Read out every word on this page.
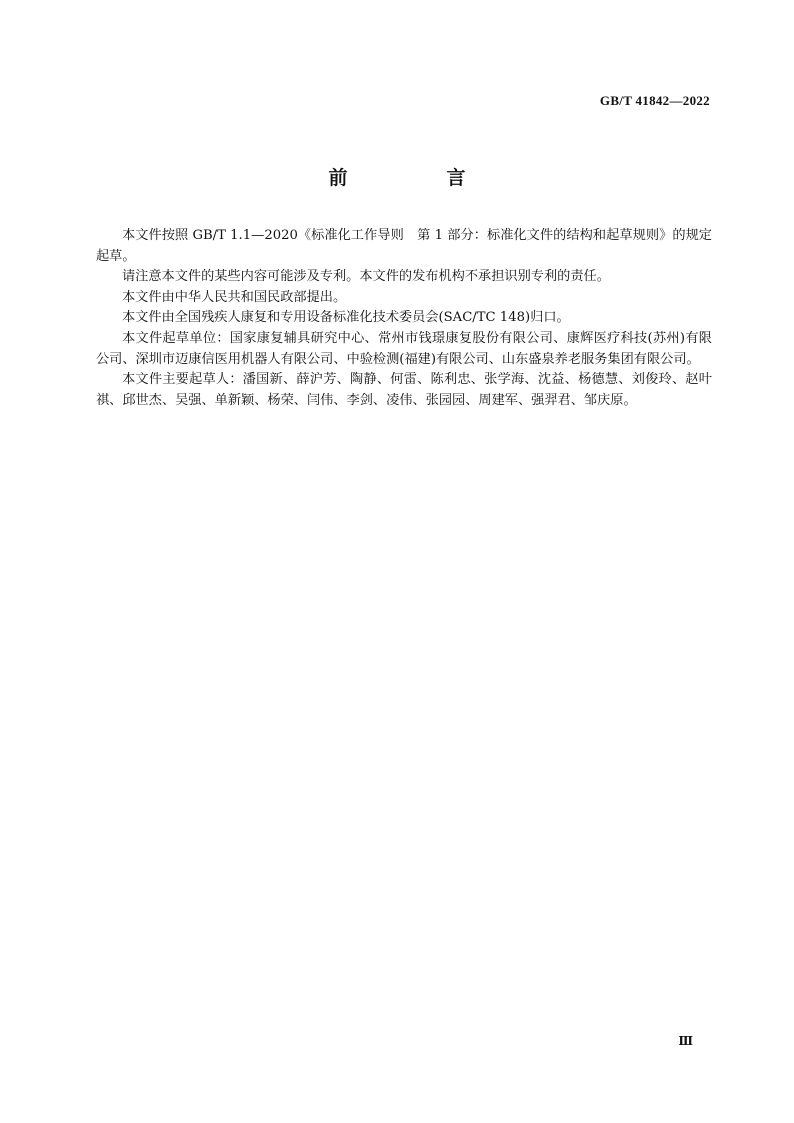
GB/T 41842—2022
前　言

本文件按照 GB/T 1.1—2020《标准化工作导则　第 1 部分：标准化文件的结构和起草规则》的规定起草。

请注意本文件的某些内容可能涉及专利。本文件的发布机构不承担识别专利的责任。

本文件由中华人民共和国民政部提出。

本文件由全国残疾人康复和专用设备标准化技术委员会(SAC/TC 148)归口。

本文件起草单位：国家康复辅具研究中心、常州市钱璟康复股份有限公司、康辉医疗科技(苏州)有限公司、深圳市迈康信医用机器人有限公司、中验检测(福建)有限公司、山东盛泉养老服务集团有限公司。

本文件主要起草人：潘国新、薛沪芳、陶静、何雷、陈利忠、张学海、沈益、杨德慧、刘俊玲、赵叶祺、邱世杰、吴强、单新颖、杨荣、闫伟、李剑、凌伟、张园园、周建军、强羿君、邹庆原。

Ⅲ
